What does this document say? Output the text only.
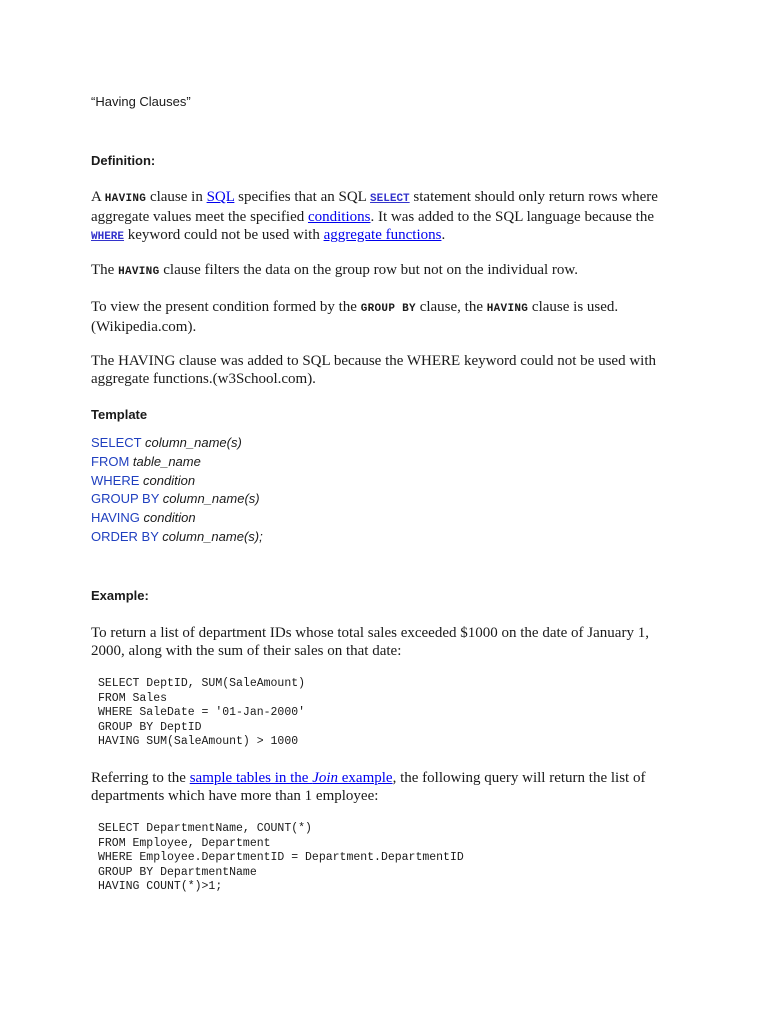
“Having Clauses”
Definition:

A HAVING clause in SQL specifies that an SQL SELECT statement should only return rows where aggregate values meet the specified conditions. It was added to the SQL language because the WHERE keyword could not be used with aggregate functions.

The HAVING clause filters the data on the group row but not on the individual row.

To view the present condition formed by the GROUP BY clause, the HAVING clause is used. (Wikipedia.com).

The HAVING clause was added to SQL because the WHERE keyword could not be used with aggregate functions.(w3School.com).

Template
SELECT column_name(s)
FROM table_name
WHERE condition
GROUP BY column_name(s)
HAVING condition
ORDER BY column_name(s);
Example:

To return a list of department IDs whose total sales exceeded $1000 on the date of January 1, 2000, along with the sum of their sales on that date:

SELECT DeptID, SUM(SaleAmount)
FROM Sales
WHERE SaleDate = '01-Jan-2000'
GROUP BY DeptID
HAVING SUM(SaleAmount) > 1000

Referring to the sample tables in the Join example, the following query will return the list of departments which have more than 1 employee:

SELECT DepartmentName, COUNT(*)
FROM Employee, Department
WHERE Employee.DepartmentID = Department.DepartmentID
GROUP BY DepartmentName
HAVING COUNT(*)>1;
